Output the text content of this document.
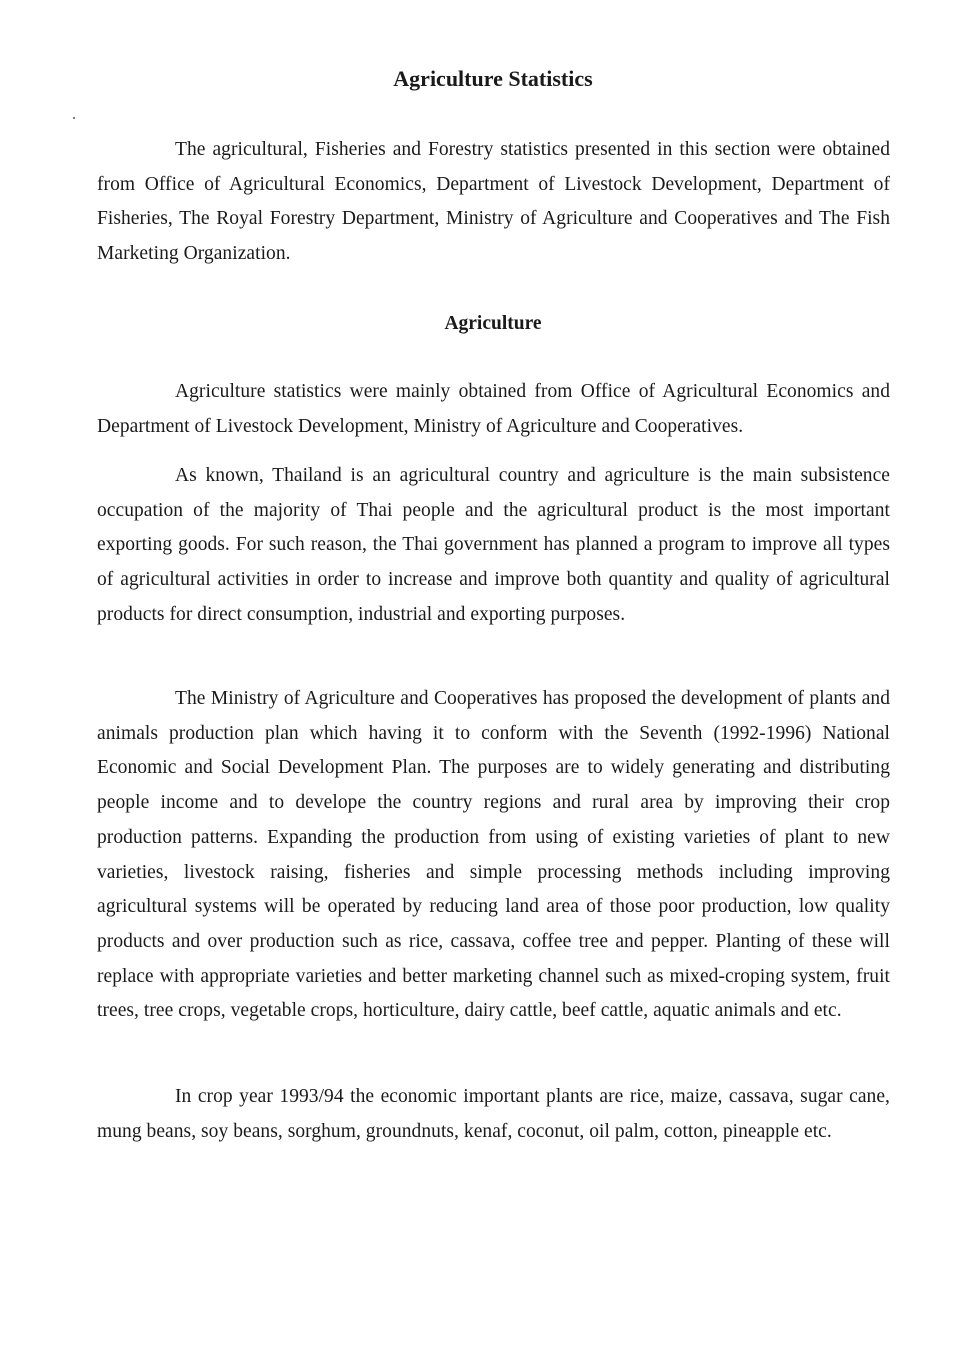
Agriculture Statistics

The agricultural, Fisheries and Forestry statistics presented in this section were obtained from Office of Agricultural Economics, Department of Livestock Development, Department of Fisheries, The Royal Forestry Department, Ministry of Agriculture and Cooperatives and The Fish Marketing Organization.

Agriculture

Agriculture statistics were mainly obtained from Office of Agricultural Economics and Department of Livestock Development, Ministry of Agriculture and Cooperatives.

As known, Thailand is an agricultural country and agriculture is the main subsistence occupation of the majority of Thai people and the agricultural product is the most important exporting goods. For such reason, the Thai government has planned a program to improve all types of agricultural activities in order to increase and improve both quantity and quality of agricultural products for direct consumption, industrial and exporting purposes.

The Ministry of Agriculture and Cooperatives has proposed the development of plants and animals production plan which having it to conform with the Seventh (1992-1996) National Economic and Social Development Plan. The purposes are to widely generating and distributing people income and to develope the country regions and rural area by improving their crop production patterns. Expanding the production from using of existing varieties of plant to new varieties, livestock raising, fisheries and simple processing methods including improving agricultural systems will be operated by reducing land area of those poor production, low quality products and over production such as rice, cassava, coffee tree and pepper. Planting of these will replace with appropriate varieties and better marketing channel such as mixed-croping system, fruit trees, tree crops, vegetable crops, horticulture, dairy cattle, beef cattle, aquatic animals and etc.

In crop year 1993/94 the economic important plants are rice, maize, cassava, sugar cane, mung beans, soy beans, sorghum, groundnuts, kenaf, coconut, oil palm, cotton, pineapple etc.
